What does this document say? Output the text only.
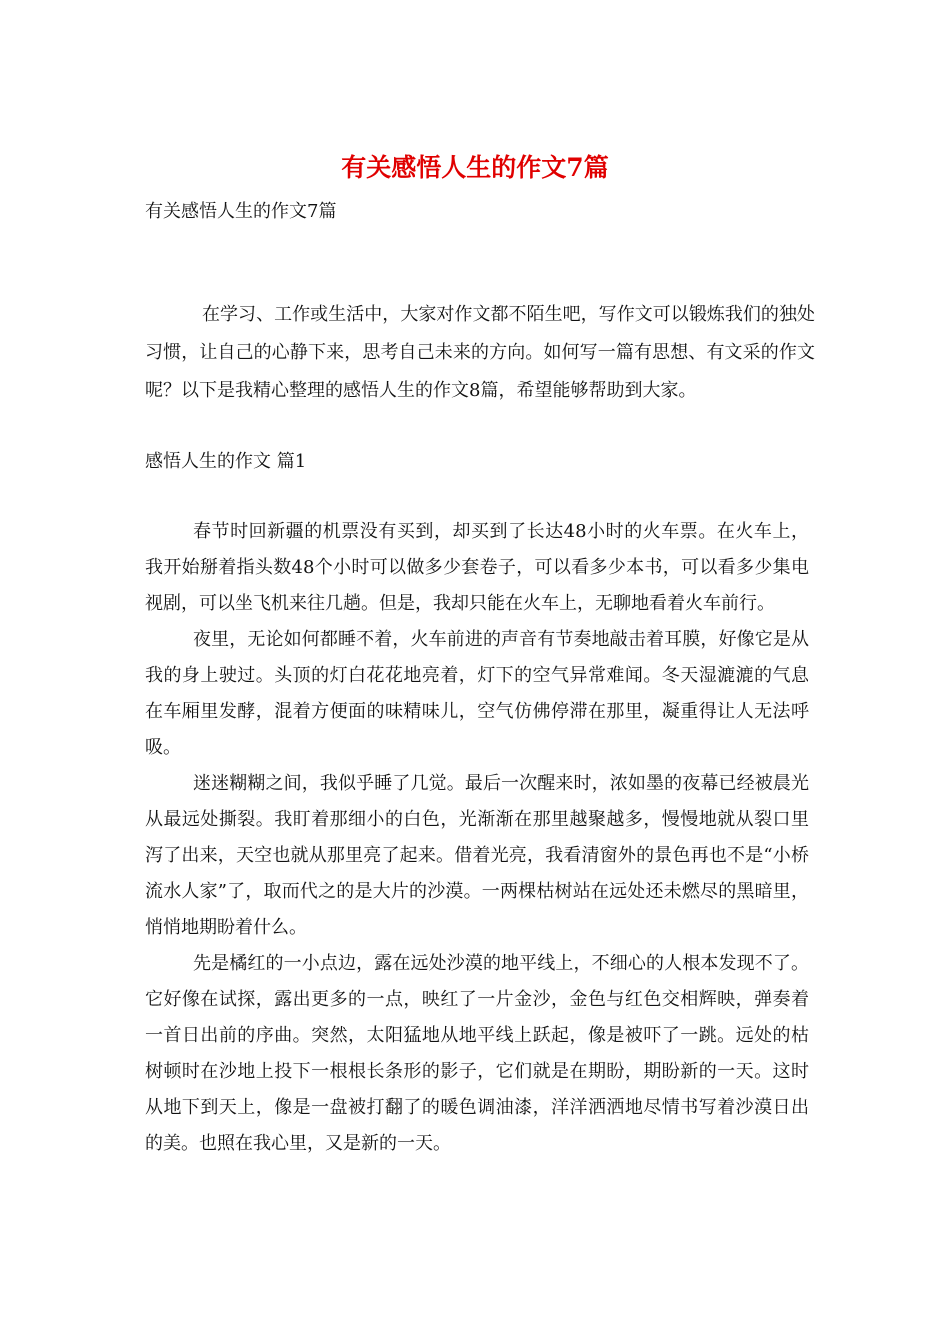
有关感悟人生的作文7篇
有关感悟人生的作文7篇

在学习、工作或生活中，大家对作文都不陌生吧，写作文可以锻炼我们的独处习惯，让自己的心静下来，思考自己未来的方向。如何写一篇有思想、有文采的作文呢？以下是我精心整理的感悟人生的作文8篇，希望能够帮助到大家。

感悟人生的作文 篇1

春节时回新疆的机票没有买到，却买到了长达48小时的火车票。在火车上，我开始掰着指头数48个小时可以做多少套卷子，可以看多少本书，可以看多少集电视剧，可以坐飞机来往几趟。但是，我却只能在火车上，无聊地看着火车前行。

夜里，无论如何都睡不着，火车前进的声音有节奏地敲击着耳膜，好像它是从我的身上驶过。头顶的灯白花花地亮着，灯下的空气异常难闻。冬天湿漉漉的气息在车厢里发酵，混着方便面的味精味儿，空气仿佛停滞在那里，凝重得让人无法呼吸。

迷迷糊糊之间，我似乎睡了几觉。最后一次醒来时，浓如墨的夜幕已经被晨光从最远处撕裂。我盯着那细小的白色，光渐渐在那里越聚越多，慢慢地就从裂口里泻了出来，天空也就从那里亮了起来。借着光亮，我看清窗外的景色再也不是“小桥流水人家”了，取而代之的是大片的沙漠。一两棵枯树站在远处还未燃尽的黑暗里，悄悄地期盼着什么。

先是橘红的一小点边，露在远处沙漠的地平线上，不细心的人根本发现不了。它好像在试探，露出更多的一点，映红了一片金沙，金色与红色交相辉映，弹奏着一首日出前的序曲。突然，太阳猛地从地平线上跃起，像是被吓了一跳。远处的枯树顿时在沙地上投下一根根长条形的影子，它们就是在期盼，期盼新的一天。这时从地下到天上，像是一盘被打翻了的暖色调油漆，洋洋洒洒地尽情书写着沙漠日出的美。也照在我心里，又是新的一天。
